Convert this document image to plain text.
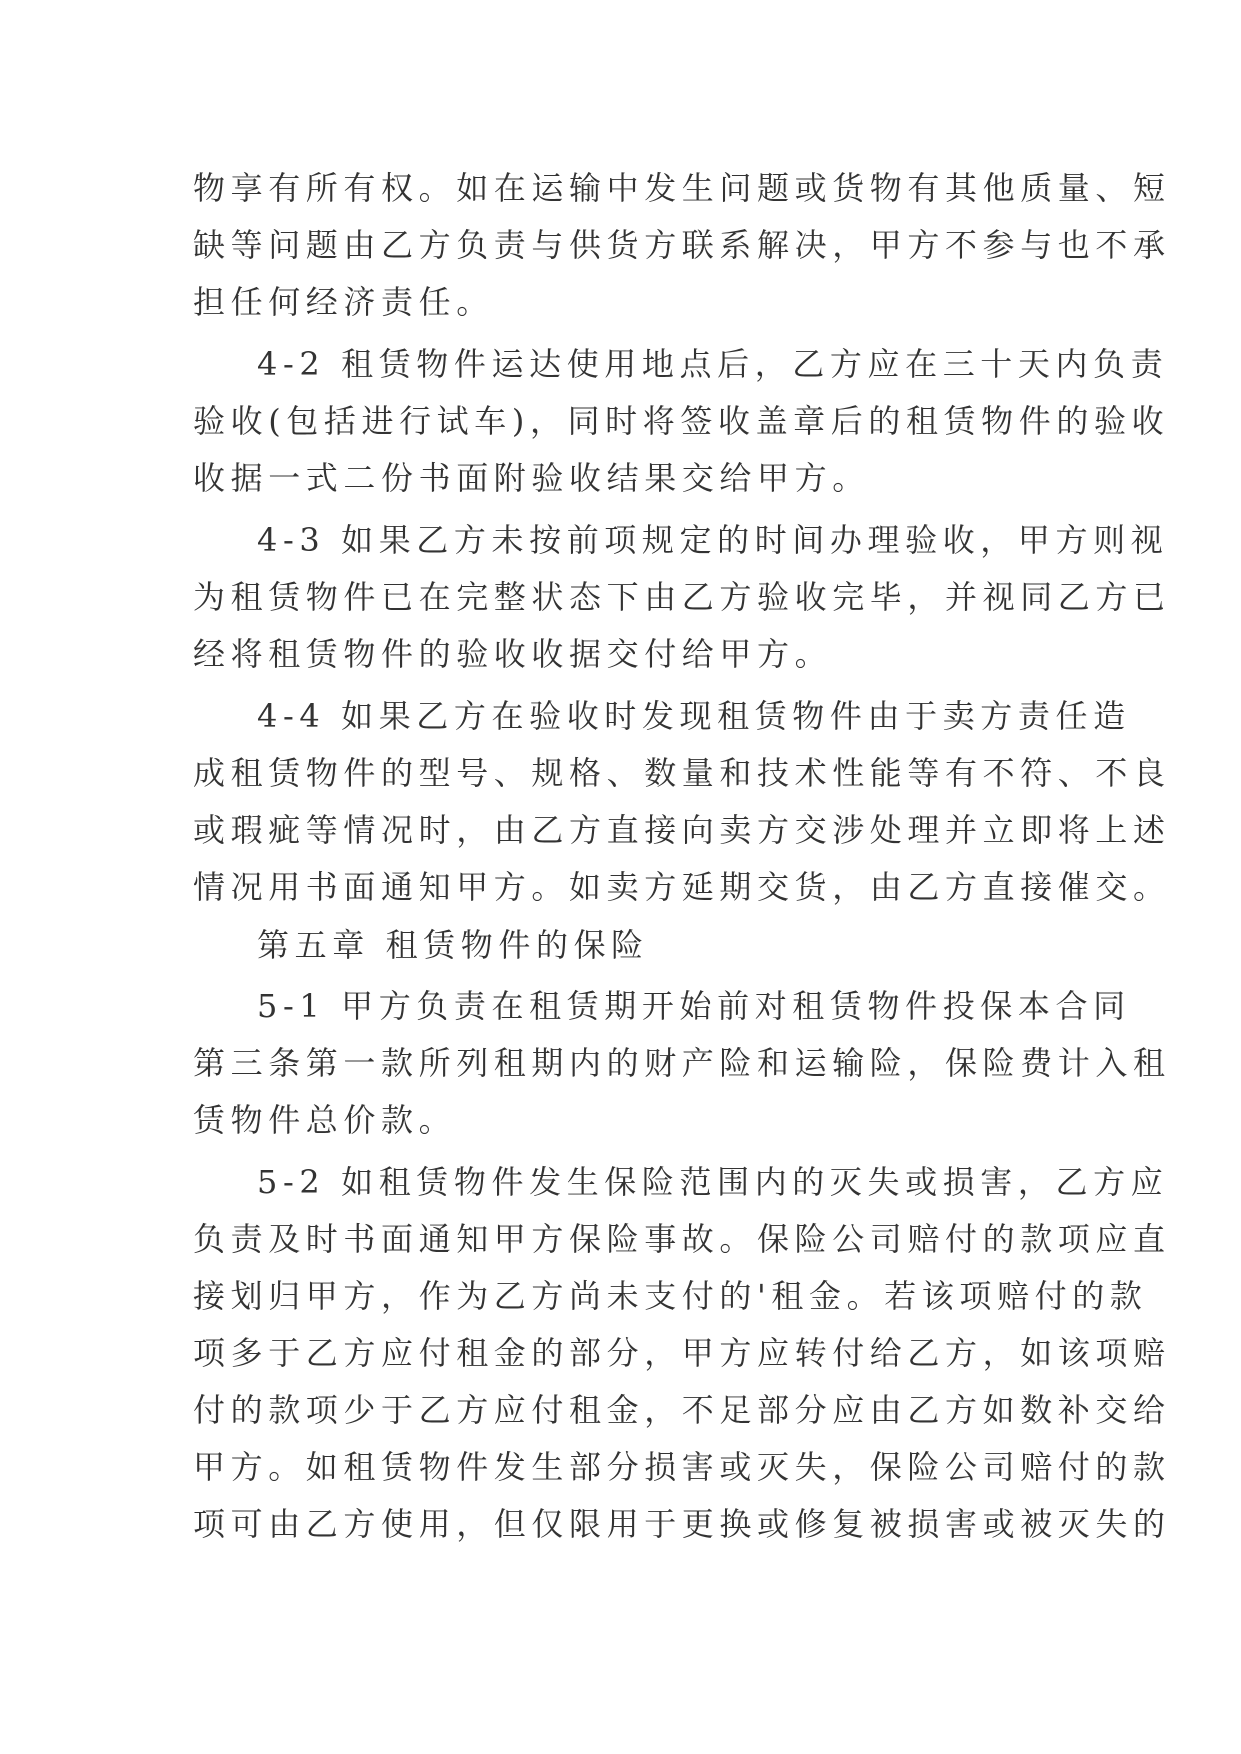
物享有所有权。如在运输中发生问题或货物有其他质量、短
缺等问题由乙方负责与供货方联系解决，甲方不参与也不承
担任何经济责任。
4-2 租赁物件运达使用地点后，乙方应在三十天内负责
验收(包括进行试车)，同时将签收盖章后的租赁物件的验收
收据一式二份书面附验收结果交给甲方。
4-3 如果乙方未按前项规定的时间办理验收，甲方则视
为租赁物件已在完整状态下由乙方验收完毕，并视同乙方已
经将租赁物件的验收收据交付给甲方。
4-4 如果乙方在验收时发现租赁物件由于卖方责任造
成租赁物件的型号、规格、数量和技术性能等有不符、不良
或瑕疵等情况时，由乙方直接向卖方交涉处理并立即将上述
情况用书面通知甲方。如卖方延期交货，由乙方直接催交。
第五章 租赁物件的保险
5-1 甲方负责在租赁期开始前对租赁物件投保本合同
第三条第一款所列租期内的财产险和运输险，保险费计入租
赁物件总价款。
5-2 如租赁物件发生保险范围内的灭失或损害，乙方应
负责及时书面通知甲方保险事故。保险公司赔付的款项应直
接划归甲方，作为乙方尚未支付的'租金。若该项赔付的款
项多于乙方应付租金的部分，甲方应转付给乙方，如该项赔
付的款项少于乙方应付租金，不足部分应由乙方如数补交给
甲方。如租赁物件发生部分损害或灭失，保险公司赔付的款
项可由乙方使用，但仅限用于更换或修复被损害或被灭失的
